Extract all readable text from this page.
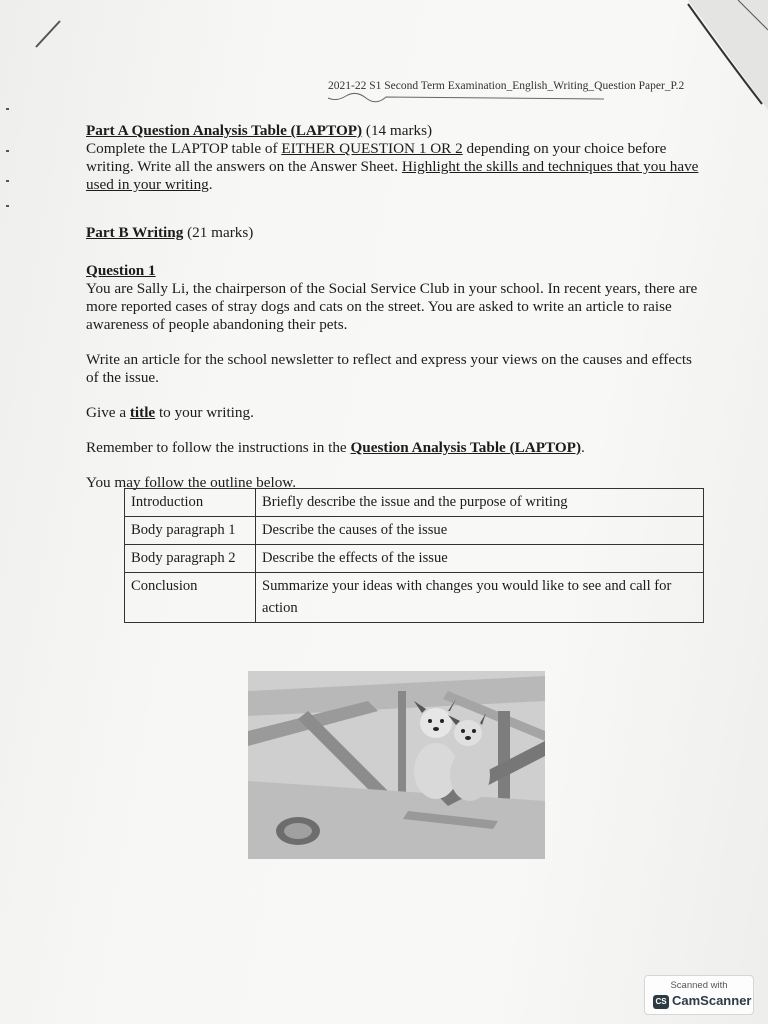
2021-22 S1 Second Term Examination_English_Writing_Question Paper_P.2

Part A Question Analysis Table (LAPTOP) (14 marks)
Complete the LAPTOP table of EITHER QUESTION 1 OR 2 depending on your choice before writing. Write all the answers on the Answer Sheet. Highlight the skills and techniques that you have used in your writing.

Part B Writing (21 marks)

Question 1
You are Sally Li, the chairperson of the Social Service Club in your school. In recent years, there are more reported cases of stray dogs and cats on the street. You are asked to write an article to raise awareness of people abandoning their pets.

Write an article for the school newsletter to reflect and express your views on the causes and effects of the issue.

Give a title to your writing.

Remember to follow the instructions in the Question Analysis Table (LAPTOP).

You may follow the outline below.

Introduction	Briefly describe the issue and the purpose of writing
Body paragraph 1	Describe the causes of the issue
Body paragraph 2	Describe the effects of the issue
Conclusion	Summarize your ideas with changes you would like to see and call for action
Scanned with
CS CamScanner
